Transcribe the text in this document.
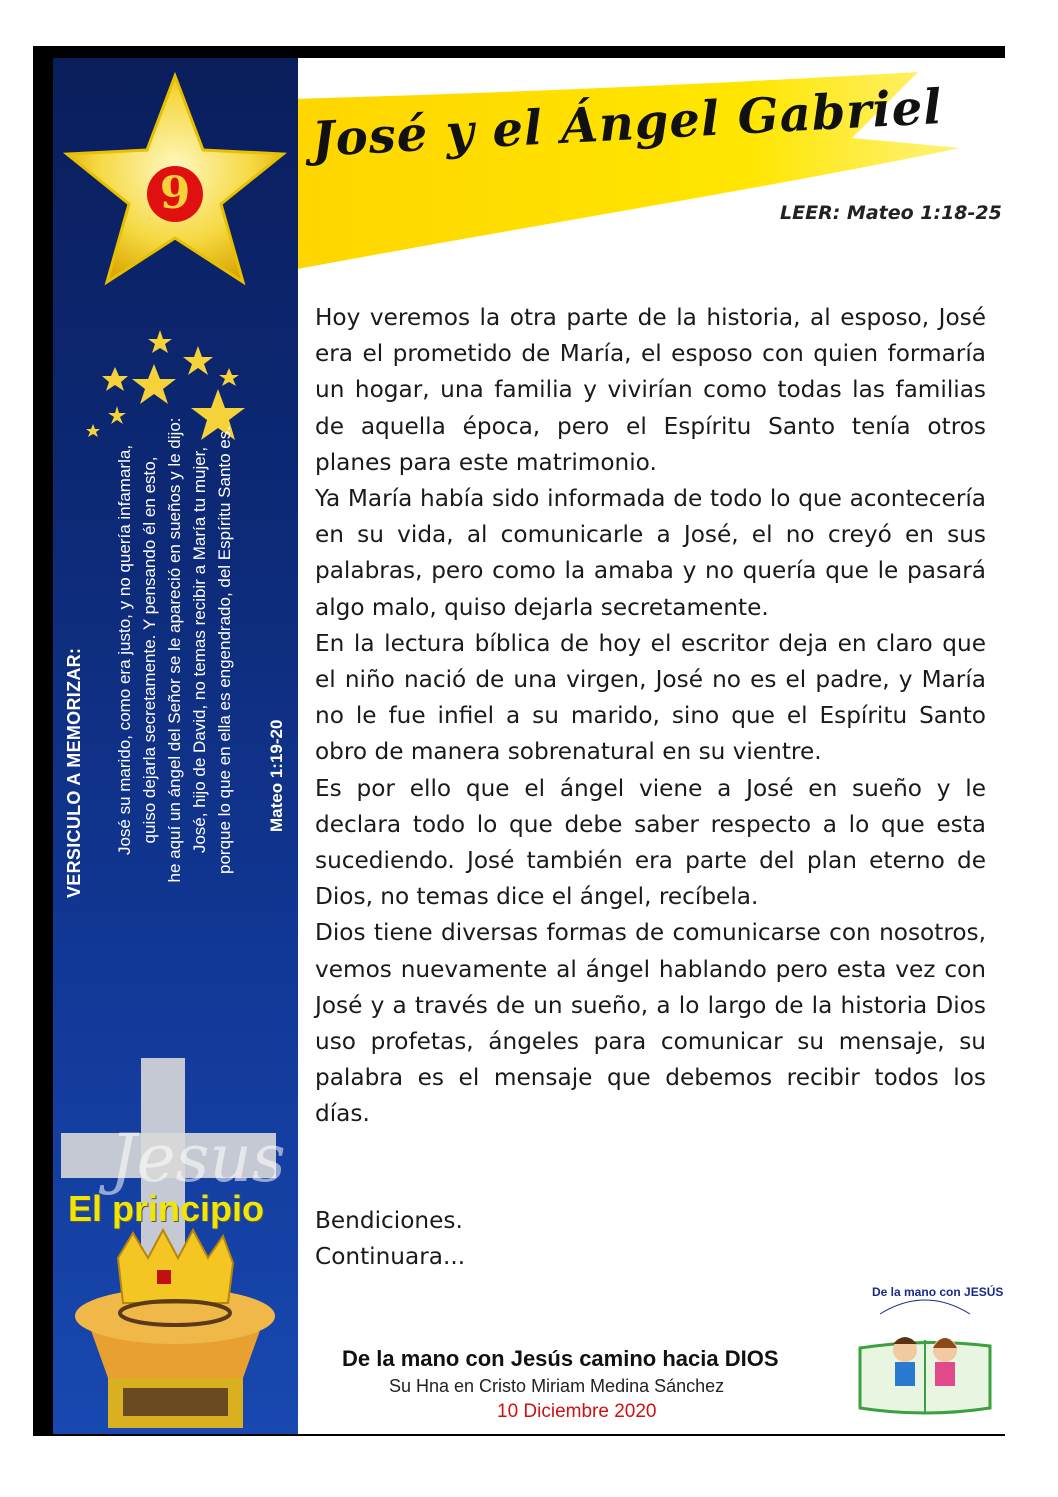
9
VERSICULO A MEMORIZAR: José su marido, como era justo, y no quería infamarla, quiso dejarla secretamente. Y pensando él en esto, he aquí un ángel del Señor se le apareció en sueños y le dijo: José, hijo de David, no temas recibir a María tu mujer, porque lo que en ella es engendrado, del Espíritu Santo es. Mateo 1:19-20
Jesus
El principio
José y el Ángel Gabriel
LEER: Mateo 1:18-25

Hoy veremos la otra parte de la historia, al esposo, José era el prometido de María, el esposo con quien formaría un hogar, una familia y vivirían como todas las familias de aquella época, pero el Espíritu Santo tenía otros planes para este matrimonio.

Ya María había sido informada de todo lo que acontecería en su vida, al comunicarle a José, el no creyó en sus palabras, pero como la amaba y no quería que le pasará algo malo, quiso dejarla secretamente.

En la lectura bíblica de hoy el escritor deja en claro que el niño nació de una virgen, José no es el padre, y María no le fue infiel a su marido, sino que el Espíritu Santo obro de manera sobrenatural en su vientre.

Es por ello que el ángel viene a José en sueño y le declara todo lo que debe saber respecto a lo que esta sucediendo. José también era parte del plan eterno de Dios, no temas dice el ángel, recíbela.

Dios tiene diversas formas de comunicarse con nosotros, vemos nuevamente al ángel hablando pero esta vez con José y a través de un sueño, a lo largo de la historia Dios uso profetas, ángeles para comunicar su mensaje, su palabra es el mensaje que debemos recibir todos los días.

Bendiciones.
Continuara...
De la mano con Jesús camino hacia DIOS
Su Hna en Cristo Miriam Medina Sánchez
10 Diciembre 2020
De la mano con JESÚS
